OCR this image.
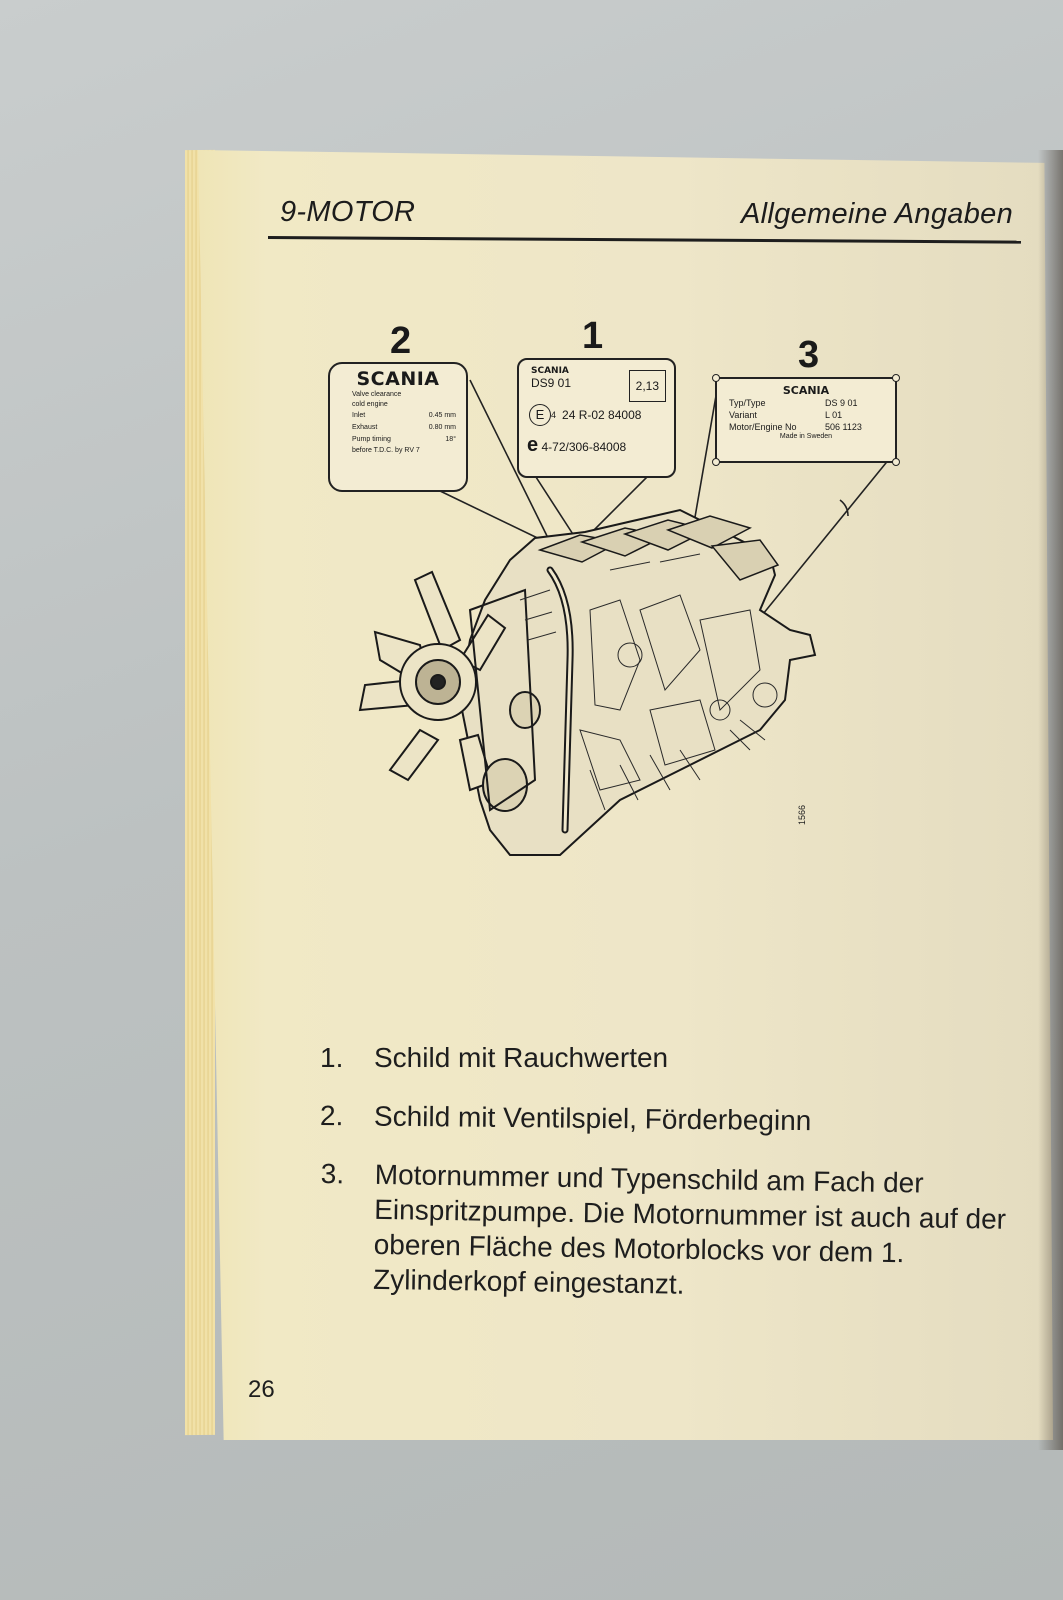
9-MOTOR	Allgemeine Angaben
2	1	3
SCANIA
Valve clearance
cold engine
Inlet	0.45 mm
Exhaust	0.80 mm
Pump timing	18°
before T.D.C. by RV 7
SCANIA
DS9 01	2,13
E 4 24 R-02 84008
e 4-72/306-84008
SCANIA
Typ/Type	DS 9 01
Variant	L 01
Motor/Engine No	506 1123
Made in Sweden
1566
1.	Schild mit Rauchwerten
2.	Schild mit Ventilspiel, Förderbeginn
3.	Motornummer und Typenschild am Fach der Einspritzpumpe. Die Motornummer ist auch auf der oberen Fläche des Motorblocks vor dem 1. Zylinderkopf eingestanzt.
26
